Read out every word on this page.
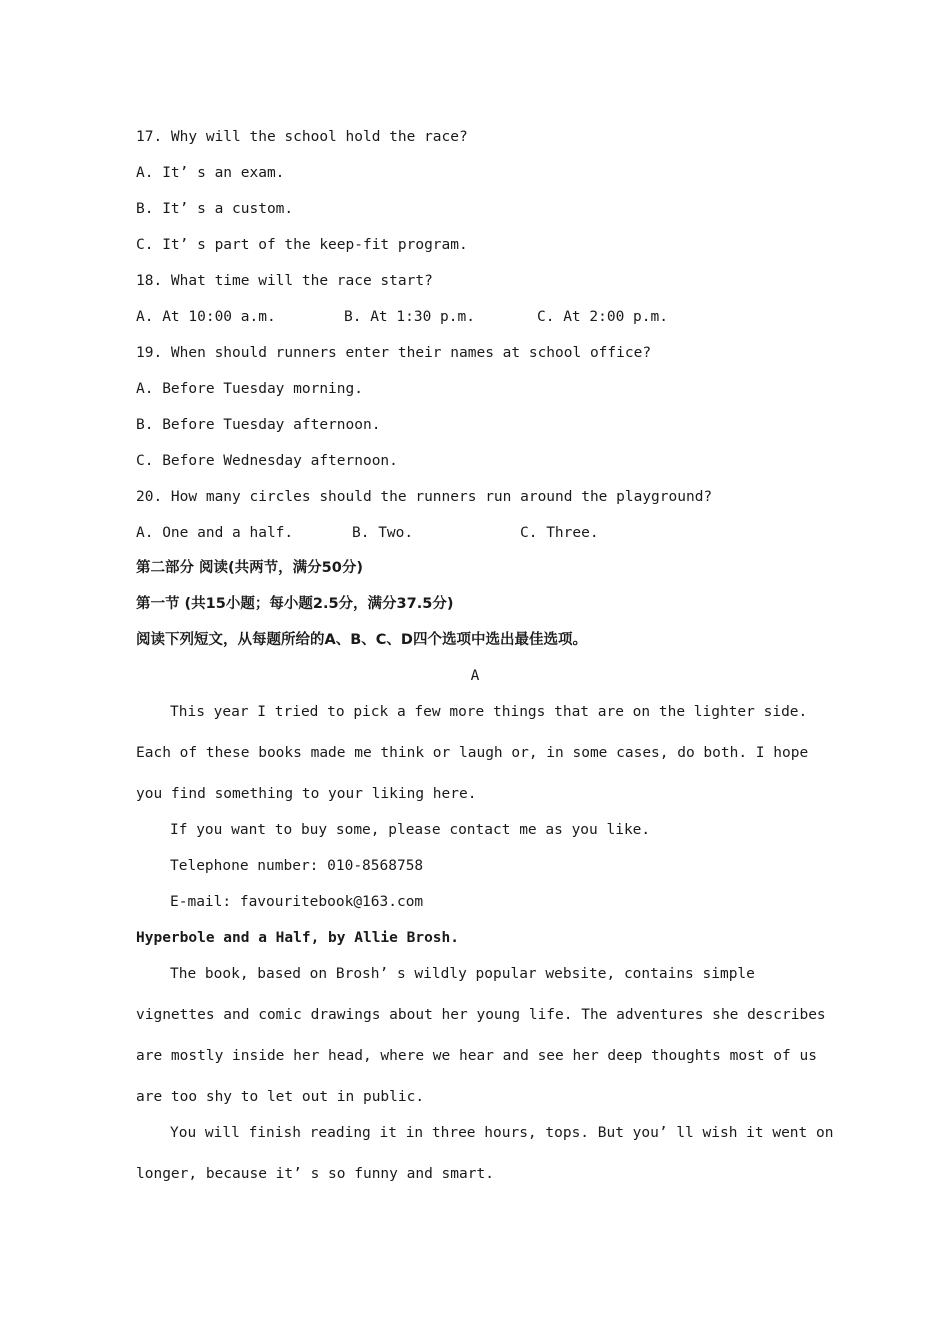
17. Why will the school hold the race?
A. It’ s an exam.
B. It’ s a custom.
C. It’ s part of the keep-fit program.
18. What time will the race start?
A. At 10:00 a.m.	B. At 1:30 p.m.	C. At 2:00 p.m.
19. When should runners enter their names at school office?
A. Before Tuesday morning.
B. Before Tuesday afternoon.
C. Before Wednesday afternoon.
20. How many circles should the runners run around the playground?
A. One and a half.	B. Two.	C. Three.
第二部分 阅读(共两节，满分50分)
第一节 (共15小题；每小题2.5分，满分37.5分)
阅读下列短文，从每题所给的A、B、C、D四个选项中选出最佳选项。
A
This year I tried to pick a few more things that are on the lighter side.
Each of these books made me think or laugh or, in some cases, do both. I hope
you find something to your liking here.
If you want to buy some, please contact me as you like.
Telephone number: 010-8568758
E-mail: favouritebook@163.com
Hyperbole and a Half, by Allie Brosh.
The book, based on Brosh’ s wildly popular website, contains simple
vignettes and comic drawings about her young life. The adventures she describes
are mostly inside her head, where we hear and see her deep thoughts most of us
are too shy to let out in public.
You will finish reading it in three hours, tops. But you’ ll wish it went on
longer, because it’ s so funny and smart.
